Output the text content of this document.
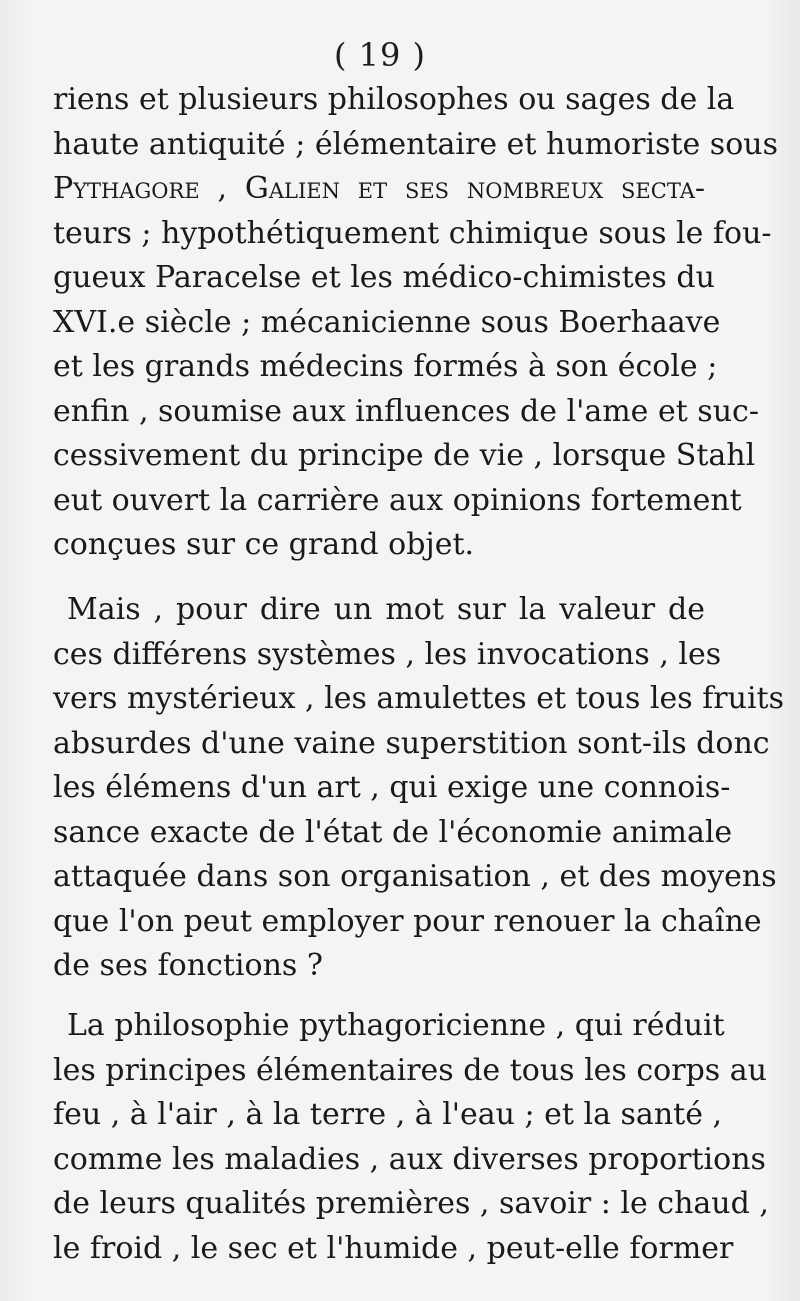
( 19 )
riens et plusieurs philosophes ou sages de la
haute antiquité ; élémentaire et humoriste sous
Pythagore , Galien et ses nombreux secta-
teurs ; hypothétiquement chimique sous le fou-
gueux Paracelse et les médico-chimistes du
XVI.e siècle ; mécanicienne sous Boerhaave
et les grands médecins formés à son école ;
enfin , soumise aux influences de l'ame et suc-
cessivement du principe de vie , lorsque Stahl
eut ouvert la carrière aux opinions fortement
conçues sur ce grand objet.
Mais , pour dire un mot sur la valeur de
ces différens systèmes , les invocations , les
vers mystérieux , les amulettes et tous les fruits
absurdes d'une vaine superstition sont-ils donc
les élémens d'un art , qui exige une connois-
sance exacte de l'état de l'économie animale
attaquée dans son organisation , et des moyens
que l'on peut employer pour renouer la chaîne
de ses fonctions ?
La philosophie pythagoricienne , qui réduit
les principes élémentaires de tous les corps au
feu , à l'air , à la terre , à l'eau ; et la santé ,
comme les maladies , aux diverses proportions
de leurs qualités premières , savoir : le chaud ,
le froid , le sec et l'humide , peut-elle former
